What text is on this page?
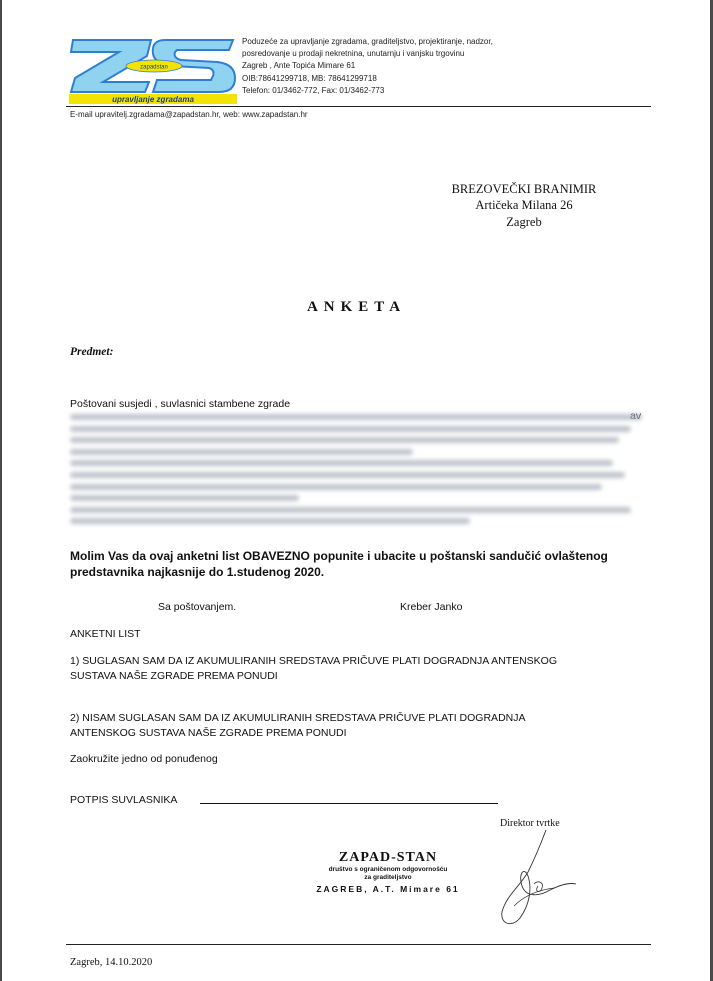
zapadstan
upravljanje zgradama
Poduzeće za upravljanje zgradama, graditeljstvo, projektiranje, nadzor,
posredovanje u prodaji nekretnina, unutarnju i vanjsku trgovinu
Zagreb , Ante Topića Mimare 61
OIB:78641299718, MB: 78641299718
Telefon: 01/3462-772, Fax: 01/3462-773
E-mail upravitelj.zgradama@zapadstan.hr, web: www.zapadstan.hr
BREZOVEČKI BRANIMIR
Artičeka Milana 26
Zagreb
ANKETA
Predmet:
Poštovani susjedi , suvlasnici stambene zgrade
Molim Vas da ovaj anketni list OBAVEZNO popunite i ubacite u poštanski sandučić ovlaštenog predstavnika najkasnije do 1.studenog 2020.
Sa poštovanjem.	Kreber Janko
ANKETNI LIST
1) SUGLASAN SAM DA IZ AKUMULIRANIH SREDSTAVA PRIČUVE PLATI DOGRADNJA ANTENSKOG
SUSTAVA NAŠE ZGRADE PREMA PONUDI
2) NISAM SUGLASAN SAM DA IZ AKUMULIRANIH SREDSTAVA PRIČUVE PLATI DOGRADNJA
ANTENSKOG SUSTAVA NAŠE ZGRADE PREMA PONUDI
Zaokružite jedno od ponuđenog
POTPIS SUVLASNIKA
Direktor tvrtke
ZAPAD-STAN
društvo s ograničenom odgovornošću
za graditeljstvo
ZAGREB, A.T. Mimare 61
Zagreb, 14.10.2020
